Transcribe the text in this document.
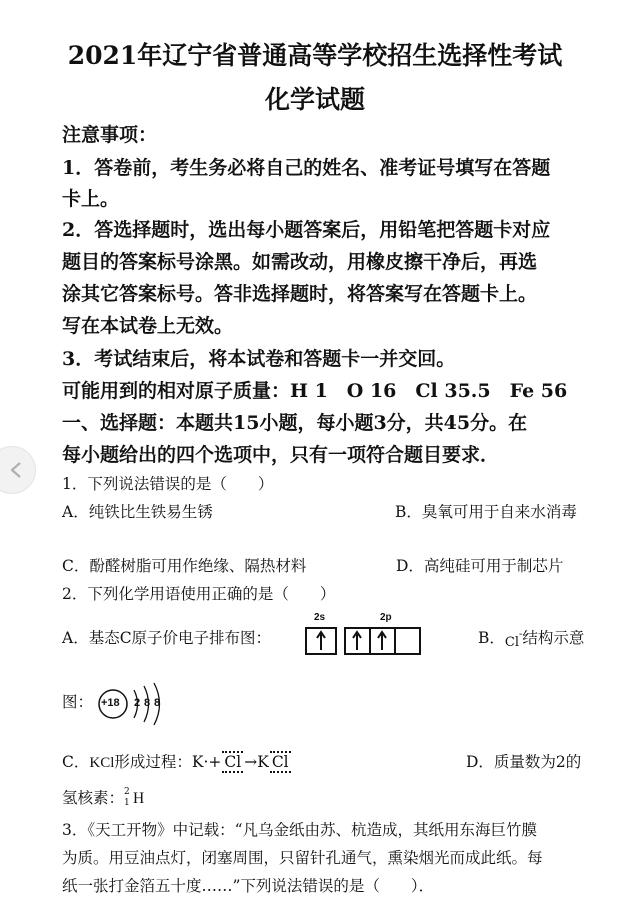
2021年辽宁省普通高等学校招生选择性考试
化学试题
注意事项：
1．答卷前，考生务必将自己的姓名、准考证号填写在答题
卡上。
2．答选择题时，选出每小题答案后，用铅笔把答题卡对应
题目的答案标号涂黑。如需改动，用橡皮擦干净后，再选
涂其它答案标号。答非选择题时，将答案写在答题卡上。
写在本试卷上无效。
3．考试结束后，将本试卷和答题卡一并交回。
可能用到的相对原子质量：H 1　O 16　Cl 35.5　Fe 56
一、选择题：本题共15小题，每小题3分，共45分。在
每小题给出的四个选项中，只有一项符合题目要求．
1．下列说法错误的是（　　）
A．纯铁比生铁易生锈	B．臭氧可用于自来水消毒
C．酚醛树脂可用作绝缘、隔热材料	D．高纯硅可用于制芯片
2．下列化学用语使用正确的是（　　）
A．基态C原子价电子排布图：
2s	2p
B．Cl-结构示意
图： +18 2 8 8
C．KCl形成过程：K·+ Cl →K Cl	D．质量数为2的
氢核素： 2
1 H
3．《天工开物》中记载：“凡乌金纸由苏、杭造成，其纸用东海巨竹膜
为质。用豆油点灯，闭塞周围，只留针孔通气，熏染烟光而成此纸。每
纸一张打金箔五十度……”下列说法错误的是（　　）．
